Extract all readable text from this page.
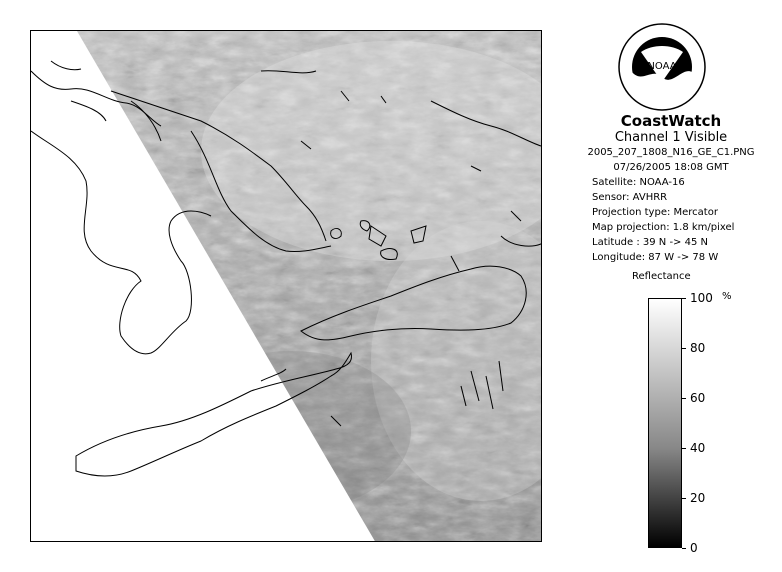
NOAA
CoastWatch
Channel 1 Visible
2005_207_1808_N16_GE_C1.PNG
07/26/2005 18:08 GMT
Satellite: NOAA-16
Sensor: AVHRR
Projection type: Mercator
Map projection: 1.8 km/pixel
Latitude : 39 N -> 45 N
Longitude: 87 W -> 78 W
Reflectance
%
100
80
60
40
20
0
